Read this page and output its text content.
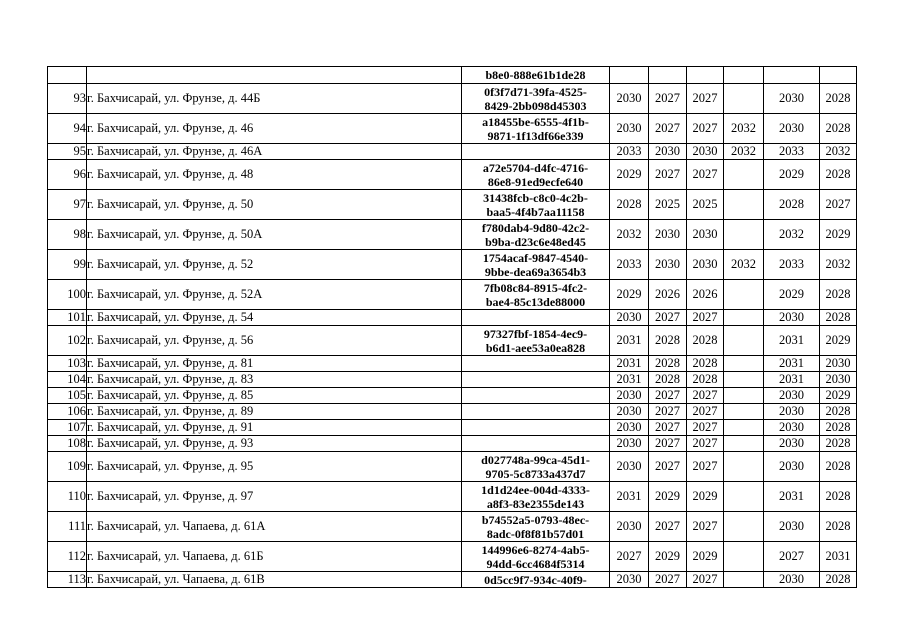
		b8e0-888e61b1de28						

93	г. Бахчисарай, ул. Фрунзе, д. 44Б	0f3f7d71-39fa-4525-
8429-2bb098d45303	2030	2027	2027		2030	2028
94	г. Бахчисарай, ул. Фрунзе, д. 46	a18455be-6555-4f1b-
9871-1f13df66e339	2030	2027	2027	2032	2030	2028
95	г. Бахчисарай, ул. Фрунзе, д. 46А		2033	2030	2030	2032	2033	2032
96	г. Бахчисарай, ул. Фрунзе, д. 48	a72e5704-d4fc-4716-
86e8-91ed9ecfe640	2029	2027	2027		2029	2028
97	г. Бахчисарай, ул. Фрунзе, д. 50	31438fcb-c8c0-4c2b-
baa5-4f4b7aa11158	2028	2025	2025		2028	2027
98	г. Бахчисарай, ул. Фрунзе, д. 50А	f780dab4-9d80-42c2-
b9ba-d23c6e48ed45	2032	2030	2030		2032	2029
99	г. Бахчисарай, ул. Фрунзе, д. 52	1754acaf-9847-4540-
9bbe-dea69a3654b3	2033	2030	2030	2032	2033	2032
100	г. Бахчисарай, ул. Фрунзе, д. 52А	7fb08c84-8915-4fc2-
bae4-85c13de88000	2029	2026	2026		2029	2028
101	г. Бахчисарай, ул. Фрунзе, д. 54		2030	2027	2027		2030	2028
102	г. Бахчисарай, ул. Фрунзе, д. 56	97327fbf-1854-4ec9-
b6d1-aee53a0ea828	2031	2028	2028		2031	2029
103	г. Бахчисарай, ул. Фрунзе, д. 81		2031	2028	2028		2031	2030
104	г. Бахчисарай, ул. Фрунзе, д. 83		2031	2028	2028		2031	2030
105	г. Бахчисарай, ул. Фрунзе, д. 85		2030	2027	2027		2030	2029
106	г. Бахчисарай, ул. Фрунзе, д. 89		2030	2027	2027		2030	2028
107	г. Бахчисарай, ул. Фрунзе, д. 91		2030	2027	2027		2030	2028
108	г. Бахчисарай, ул. Фрунзе, д. 93		2030	2027	2027		2030	2028
109	г. Бахчисарай, ул. Фрунзе, д. 95	d027748a-99ca-45d1-
9705-5c8733a437d7	2030	2027	2027		2030	2028
110	г. Бахчисарай, ул. Фрунзе, д. 97	1d1d24ee-004d-4333-
a8f3-83e2355de143	2031	2029	2029		2031	2028
111	г. Бахчисарай, ул. Чапаева, д. 61А	b74552a5-0793-48ec-
8adc-0f8f81b57d01	2030	2027	2027		2030	2028
112	г. Бахчисарай, ул. Чапаева, д. 61Б	144996e6-8274-4ab5-
94dd-6cc4684f5314	2027	2029	2029		2027	2031
113	г. Бахчисарай, ул. Чапаева, д. 61В	0d5cc9f7-934c-40f9-	2030	2027	2027		2030	2028
